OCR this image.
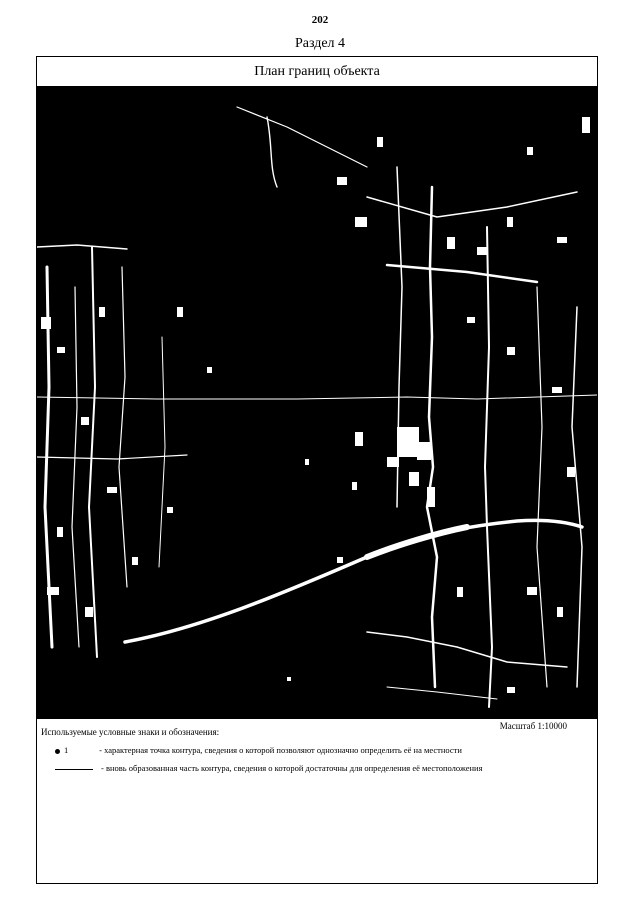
202
Раздел 4
План границ объекта
Используемые условные знаки и обозначения:
Масштаб 1:10000
1	- характерная точка контура, сведения о которой позволяют однозначно определить её на местности
- вновь образованная часть контура, сведения о которой достаточны для определения её местоположения
